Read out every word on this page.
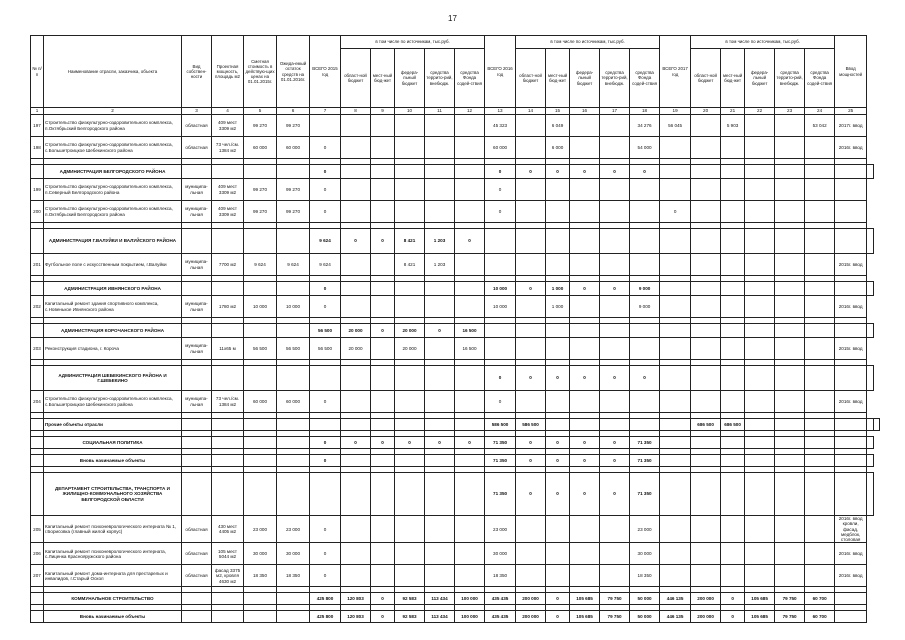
17
№ п/п	Наименование отрасли, заказчика, объекта	Вид собствен-ности	Проектная мощность, площадь м2	Сметная стоимость в действую-щих ценах на 01.01.2015г.	Ожида-емый остаток средств на 01.01.2016г.	ВСЕГО 2015 год	в том числе по источникам, тыс.руб.					ВСЕГО 2016 год	в том числе по источникам, тыс.руб.					ВСЕГО 2017 год	в том числе по источникам, тыс.руб.					Ввод мощностей		
							област-ной бюджет	мест-ный бюд-жет	федера-льный бюджет	средства террито-рий, внебюдж.	средства Фонда содей-ствия		област-ной бюджет	мест-ный бюд-жет	федера-льный бюджет	средства террито-рий, внебюдж.	средства Фонда содей-ствия		област-ной бюджет	мест-ный бюд-жет	федера-льный бюджет	средства террито-рий, внебюдж.	средства Фонда содей-ствия			
1	2	3	4	5	6	7	8	9	10	11	12	13	14	15	16	17	18	19	20	21	22	23	24	25		
197	Строительство физкультурно-оздоровительного комплекса, п.Октябрьский Белгородского района	областная	409 мест 3309 м2	99 270	99 270							45 323		6 049			34 276	56 045		5 903			53 042	2017г. ввод		
198	Строительство физкультурно-оздоровительного комплекса, с.Большетроицкое Шебекинского района	областная	73 чел./см. 1384 м2	60 000	60 000	0						60 000		6 000			54 000							2016г. ввод		

	АДМИНИСТРАЦИЯ БЕЛГОРОДСКОГО РАЙОНА					0						0	0	0	0	0	0									
199	Строительство физкультурно-оздоровительного комплекса, п.Северный Белгородского района	муниципа-льная	409 мест 3309 м2	99 270	99 270	0						0														
200	Строительство физкультурно-оздоровительного комплекса, п.Октябрьский Белгородского района	муниципа-льная	409 мест 3309 м2	99 270	99 270	0						0						0								

	АДМИНИСТРАЦИЯ Г.ВАЛУЙКИ И ВАЛУЙСКОГО РАЙОНА					9 624	0	0	8 421	1 203	0															
201	Футбольное поле с искусственным покрытием, г.Валуйки	муниципа-льная	7700 м2	9 624	9 624	9 624			8 421	1 203														2015г. ввод		

	АДМИНИСТРАЦИЯ ИВНЯНСКОГО РАЙОНА					0						10 000	0	1 000	0	0	9 000									
202	Капитальный ремонт здания спортивного комплекса, с.Новенькое Ивнянского района	муниципа-льная	1780 м2	10 000	10 000	0						10 000		1 000			9 000							2016г. ввод		

	АДМИНИСТРАЦИЯ КОРОЧАНСКОГО РАЙОНА					56 500	20 000	0	20 000	0	16 500															
203	Реконструкция стадиона, г. Короча	муниципа-льная	11х65 м	56 500	56 500	56 500	20 000		20 000		16 500													2015г. ввод		

	АДМИНИСТРАЦИЯ ШЕБЕКИНСКОГО РАЙОНА И Г.ШЕБЕКИНО											0	0	0	0	0	0									
204	Строительство физкультурно-оздоровительного комплекса, с.Большетроицкое Шебекинского района	муниципа-льная	73 чел./см. 1384 м2	60 000	60 000	0						0												2016г. ввод		

	Прочие объекты отрасли											586 500	586 500						686 500	686 500						

	СОЦИАЛЬНАЯ ПОЛИТИКА					0	0	0	0	0	0	71 350	0	0	0	0	71 350									

	Вновь начинаемые объекты					0						71 350	0	0	0	0	71 350									

	ДЕПАРТАМЕНТ СТРОИТЕЛЬСТВА, ТРАНСПОРТА И ЖИЛИЩНО-КОММУНАЛЬНОГО ХОЗЯЙСТВА БЕЛГОРОДСКОЙ ОБЛАСТИ											71 350	0	0	0	0	71 350									
205	Капитальный ремонт психоневрологического интерната № 1, г.Борисовка (главный жилой корпус)	областная	430 мест 4405 м2	23 000	23 000	0						23 000					23 000							2016г. ввод кровли, фасад, медблок, столовая		
206	Капитальный ремонт психоневрологического интерната, с.Лиценка Краснояружского района	областная	105 мест 5044 м2	30 000	30 000	0						30 000					30 000							2016г. ввод		
207	Капитальный ремонт дома-интерната для престарелых и инвалидов, г.Старый Оскол	областная	фасад 3375 м2, кровля 4630 м2	18 350	18 350	0						18 350					18 350							2016г. ввод		

	КОММУНАЛЬНОЕ СТРОИТЕЛЬСТВО					425 800	120 803	0	92 583	113 434	100 000	435 435	200 000	0	105 685	79 750	50 000	446 135	200 000	0	105 685	79 750	60 700			

	Вновь начинаемые объекты					425 800	120 803	0	92 583	113 434	100 000	435 435	200 000	0	105 685	79 750	50 000	446 135	200 000	0	105 685	79 750	60 700			
